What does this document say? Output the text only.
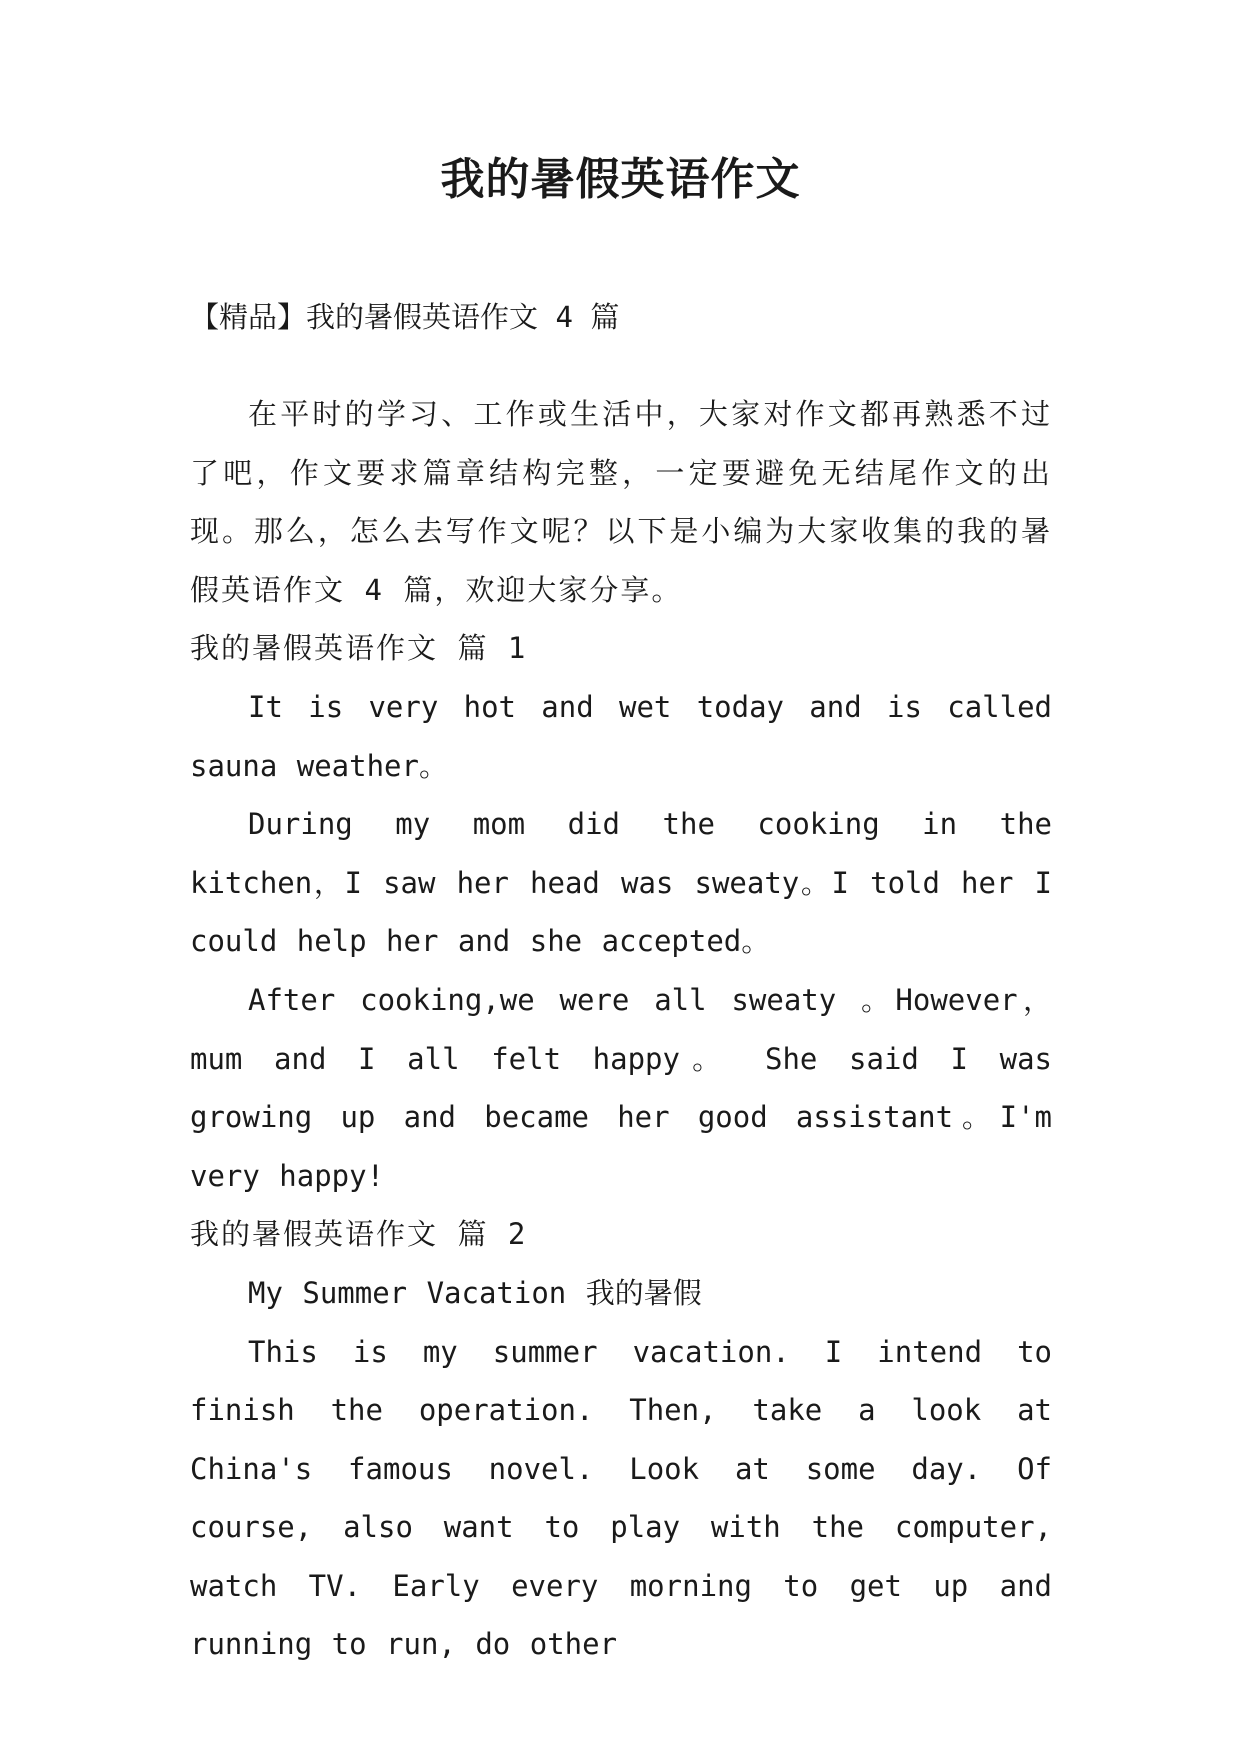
我的暑假英语作文
【精品】我的暑假英语作文 4 篇

在平时的学习、工作或生活中，大家对作文都再熟悉不过了吧，作文要求篇章结构完整，一定要避免无结尾作文的出现。那么，怎么去写作文呢？以下是小编为大家收集的我的暑假英语作文 4 篇，欢迎大家分享。

我的暑假英语作文 篇 1

It is very hot and wet today and is called sauna weather。

During my mom did the cooking in the kitchen，I saw her head was sweaty。I told her I could help her and she accepted。

After cooking,we were all sweaty 。However， mum and I all felt happy。 She said I was growing up and became her good assistant。I'm very happy!

我的暑假英语作文 篇 2

My Summer Vacation 我的暑假

This is my summer vacation. I intend to finish the operation. Then, take a look at China's famous novel. Look at some day. Of course, also want to play with the computer, watch TV. Early every morning to get up and running to run, do other
